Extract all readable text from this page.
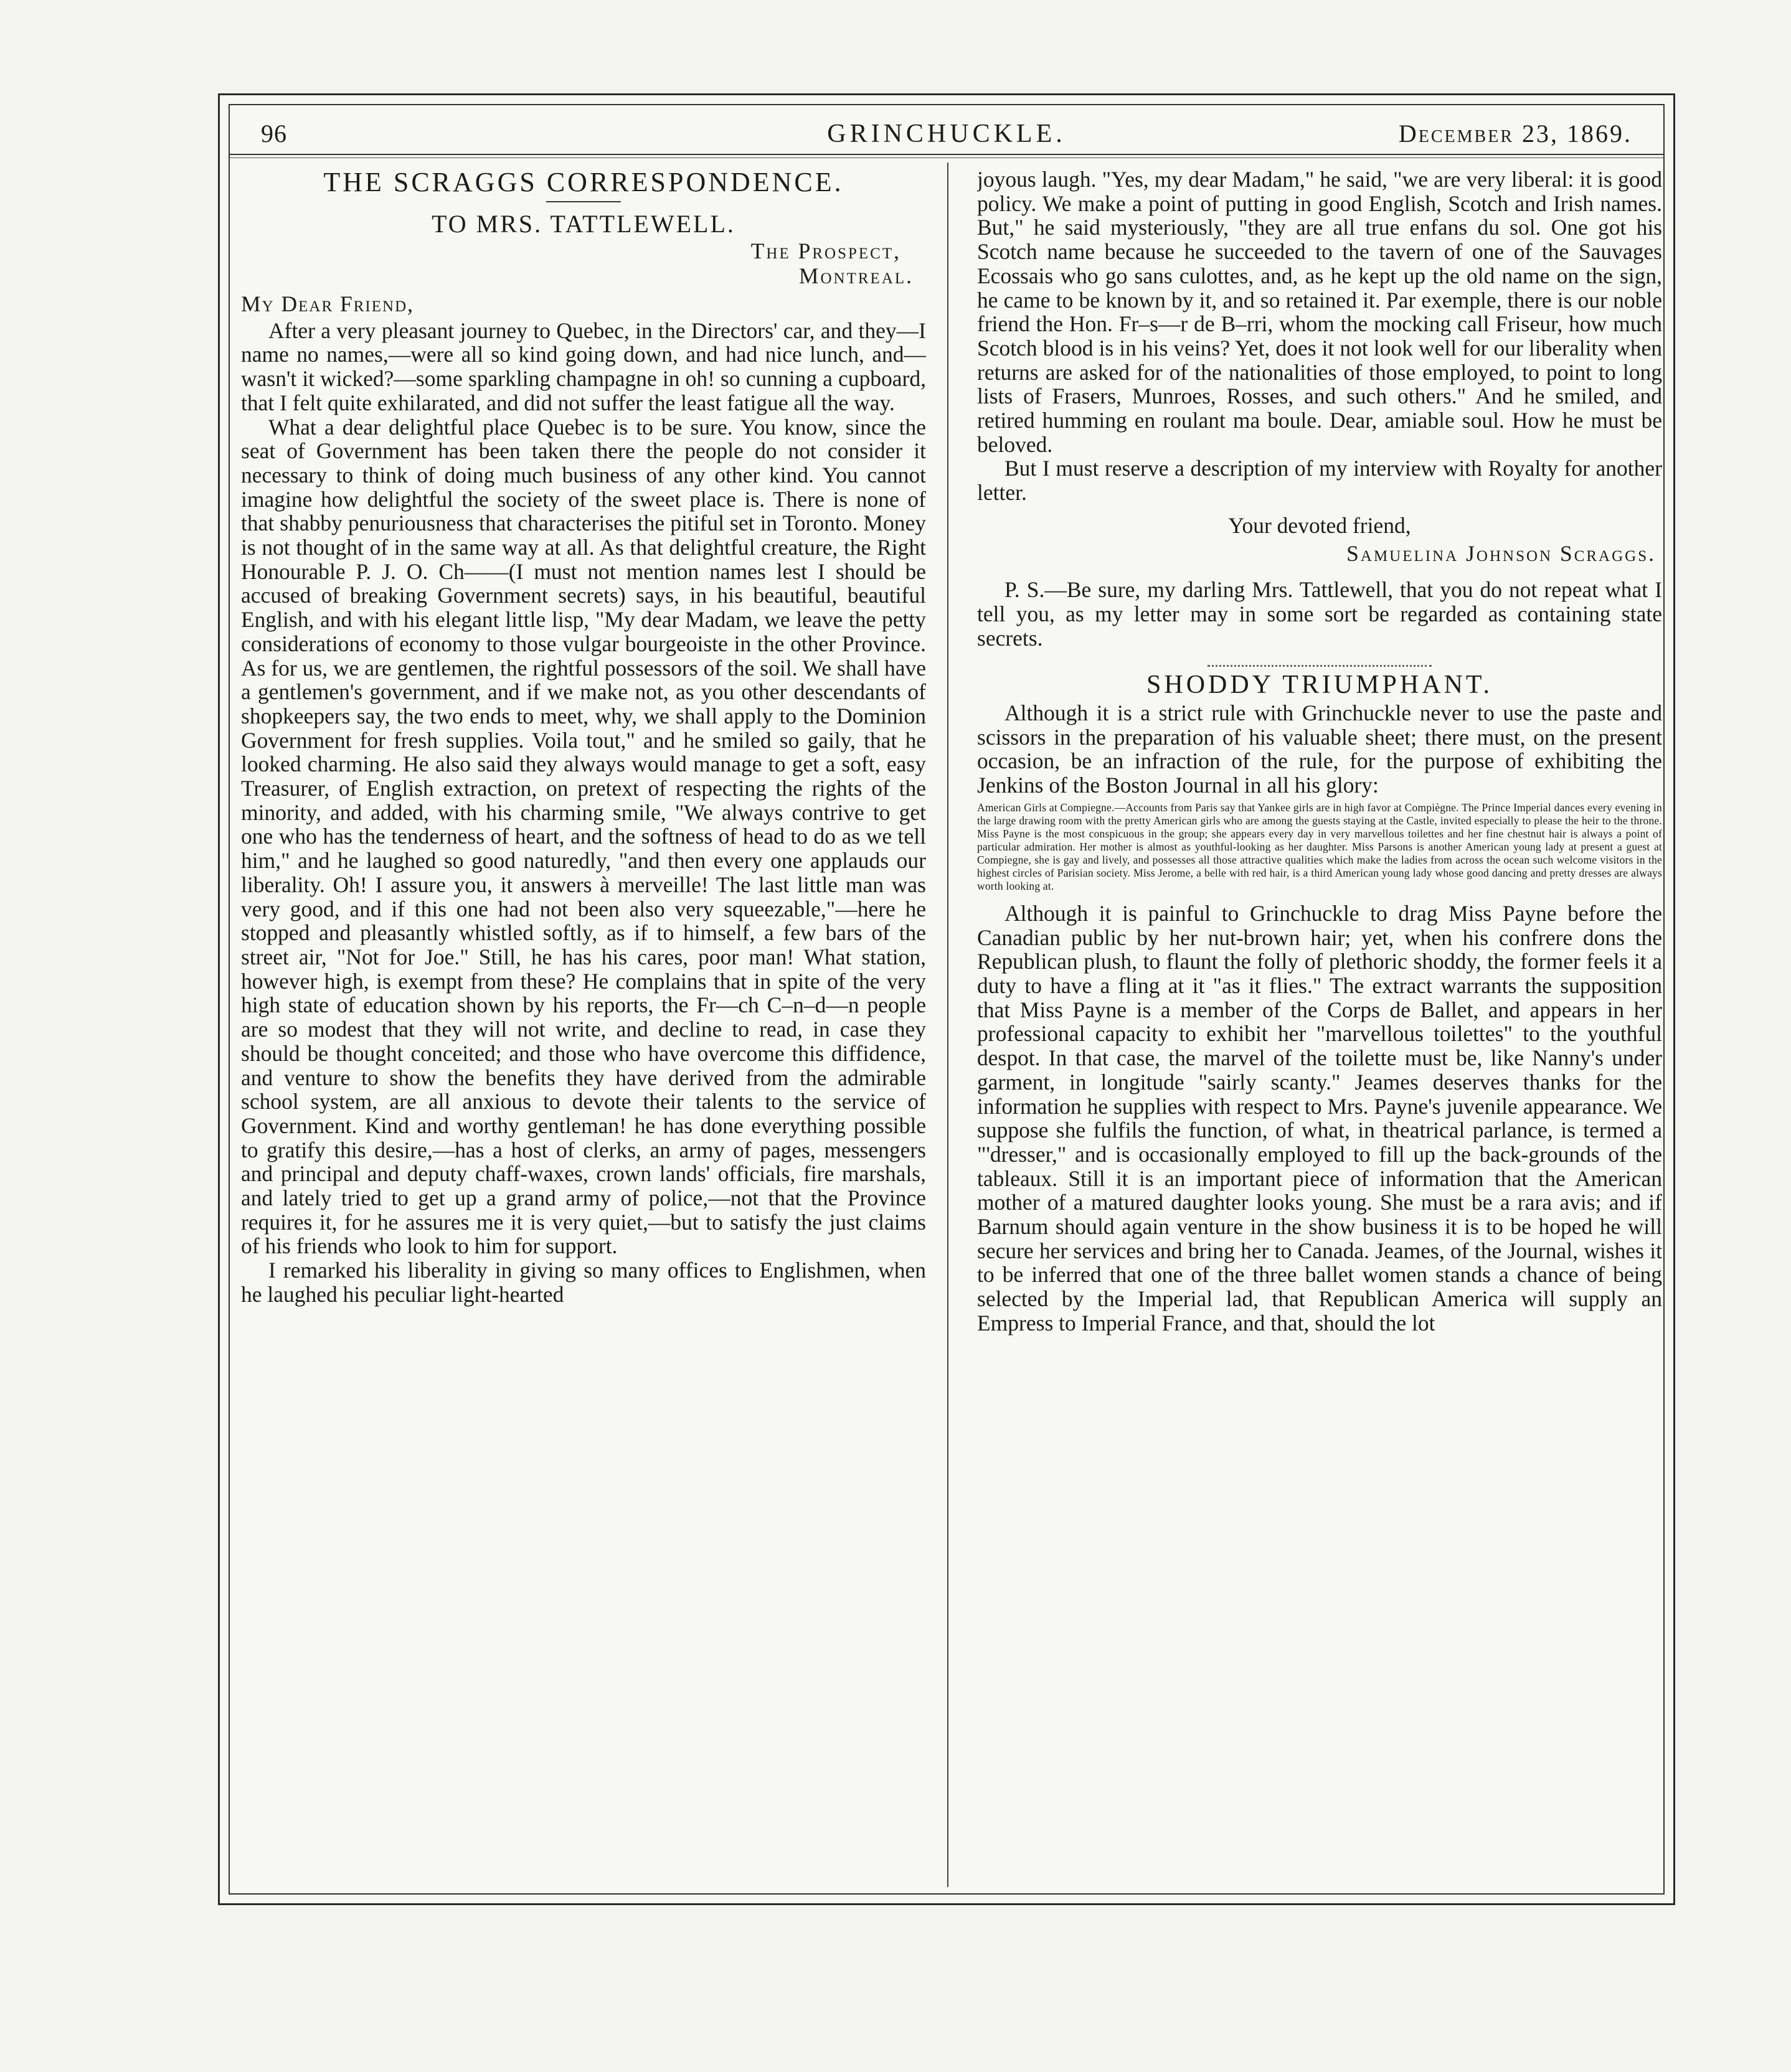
96	GRINCHUCKLE.	December 23, 1869.
THE SCRAGGS CORRESPONDENCE.
TO MRS. TATTLEWELL.
The Prospect,
Montreal.
My Dear Friend,

After a very pleasant journey to Quebec, in the Directors' car, and they—I name no names,—were all so kind going down, and had nice lunch, and—wasn't it wicked?—some sparkling champagne in oh! so cunning a cupboard, that I felt quite exhilarated, and did not suffer the least fatigue all the way.

What a dear delightful place Quebec is to be sure. You know, since the seat of Government has been taken there the people do not consider it necessary to think of doing much business of any other kind. You cannot imagine how delightful the society of the sweet place is. There is none of that shabby penuriousness that characterises the pitiful set in Toronto. Money is not thought of in the same way at all. As that delightful creature, the Right Honourable P. J. O. Ch——(I must not mention names lest I should be accused of breaking Government secrets) says, in his beautiful, beautiful English, and with his elegant little lisp, "My dear Madam, we leave the petty considerations of economy to those vulgar bourgeoiste in the other Province. As for us, we are gentlemen, the rightful possessors of the soil. We shall have a gentlemen's government, and if we make not, as you other descendants of shopkeepers say, the two ends to meet, why, we shall apply to the Dominion Government for fresh supplies. Voila tout," and he smiled so gaily, that he looked charming. He also said they always would manage to get a soft, easy Treasurer, of English extraction, on pretext of respecting the rights of the minority, and added, with his charming smile, "We always contrive to get one who has the tenderness of heart, and the softness of head to do as we tell him," and he laughed so good naturedly, "and then every one applauds our liberality. Oh! I assure you, it answers à merveille! The last little man was very good, and if this one had not been also very squeezable,"—here he stopped and pleasantly whistled softly, as if to himself, a few bars of the street air, "Not for Joe." Still, he has his cares, poor man! What station, however high, is exempt from these? He complains that in spite of the very high state of education shown by his reports, the Fr—ch C–n–d—n people are so modest that they will not write, and decline to read, in case they should be thought conceited; and those who have overcome this diffidence, and venture to show the benefits they have derived from the admirable school system, are all anxious to devote their talents to the service of Government. Kind and worthy gentleman! he has done everything possible to gratify this desire,—has a host of clerks, an army of pages, messengers and principal and deputy chaff-waxes, crown lands' officials, fire marshals, and lately tried to get up a grand army of police,—not that the Province requires it, for he assures me it is very quiet,—but to satisfy the just claims of his friends who look to him for support.

I remarked his liberality in giving so many offices to Englishmen, when he laughed his peculiar light-hearted

joyous laugh. "Yes, my dear Madam," he said, "we are very liberal: it is good policy. We make a point of putting in good English, Scotch and Irish names. But," he said mysteriously, "they are all true enfans du sol. One got his Scotch name because he succeeded to the tavern of one of the Sauvages Ecossais who go sans culottes, and, as he kept up the old name on the sign, he came to be known by it, and so retained it. Par exemple, there is our noble friend the Hon. Fr–s—r de B–rri, whom the mocking call Friseur, how much Scotch blood is in his veins? Yet, does it not look well for our liberality when returns are asked for of the nationalities of those employed, to point to long lists of Frasers, Munroes, Rosses, and such others." And he smiled, and retired humming en roulant ma boule. Dear, amiable soul. How he must be beloved.

But I must reserve a description of my interview with Royalty for another letter.

Your devoted friend,
Samuelina Johnson Scraggs.

P. S.—Be sure, my darling Mrs. Tattlewell, that you do not repeat what I tell you, as my letter may in some sort be regarded as containing state secrets.

SHODDY TRIUMPHANT.

Although it is a strict rule with Grinchuckle never to use the paste and scissors in the preparation of his valuable sheet; there must, on the present occasion, be an infraction of the rule, for the purpose of exhibiting the Jenkins of the Boston Journal in all his glory:

American Girls at Compiegne.—Accounts from Paris say that Yankee girls are in high favor at Compiègne. The Prince Imperial dances every evening in the large drawing room with the pretty American girls who are among the guests staying at the Castle, invited especially to please the heir to the throne. Miss Payne is the most conspicuous in the group; she appears every day in very marvellous toilettes and her fine chestnut hair is always a point of particular admiration. Her mother is almost as youthful-looking as her daughter. Miss Parsons is another American young lady at present a guest at Compiegne, she is gay and lively, and possesses all those attractive qualities which make the ladies from across the ocean such welcome visitors in the highest circles of Parisian society. Miss Jerome, a belle with red hair, is a third American young lady whose good dancing and pretty dresses are always worth looking at.

Although it is painful to Grinchuckle to drag Miss Payne before the Canadian public by her nut-brown hair; yet, when his confrere dons the Republican plush, to flaunt the folly of plethoric shoddy, the former feels it a duty to have a fling at it "as it flies." The extract warrants the supposition that Miss Payne is a member of the Corps de Ballet, and appears in her professional capacity to exhibit her "marvellous toilettes" to the youthful despot. In that case, the marvel of the toilette must be, like Nanny's under garment, in longitude "sairly scanty." Jeames deserves thanks for the information he supplies with respect to Mrs. Payne's juvenile appearance. We suppose she fulfils the function, of what, in theatrical parlance, is termed a "'dresser," and is occasionally employed to fill up the back-grounds of the tableaux. Still it is an important piece of information that the American mother of a matured daughter looks young. She must be a rara avis; and if Barnum should again venture in the show business it is to be hoped he will secure her services and bring her to Canada. Jeames, of the Journal, wishes it to be inferred that one of the three ballet women stands a chance of being selected by the Imperial lad, that Republican America will supply an Empress to Imperial France, and that, should the lot
